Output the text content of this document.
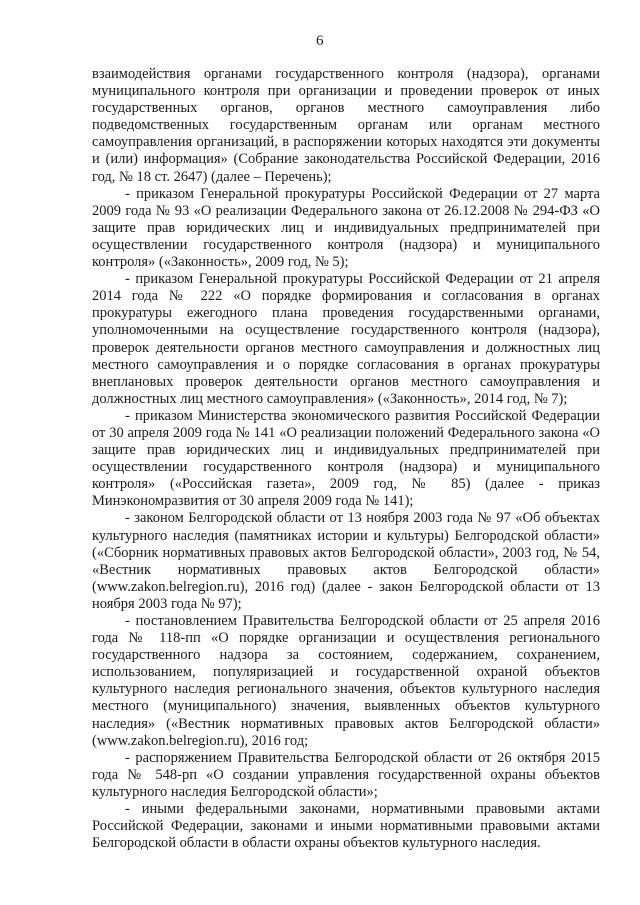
6

взаимодействия органами государственного контроля (надзора), органами муниципального контроля при организации и проведении проверок от иных государственных органов, органов местного самоуправления либо подведомственных государственным органам или органам местного самоуправления организаций, в распоряжении которых находятся эти документы и (или) информация» (Собрание законодательства Российской Федерации, 2016 год, № 18 ст. 2647) (далее – Перечень);

- приказом Генеральной прокуратуры Российской Федерации от 27 марта 2009 года № 93 «О реализации Федерального закона от 26.12.2008 № 294-ФЗ «О защите прав юридических лиц и индивидуальных предпринимателей при осуществлении государственного контроля (надзора) и муниципального контроля» («Законность», 2009 год, № 5);

- приказом Генеральной прокуратуры Российской Федерации от 21 апреля 2014 года № 222 «О порядке формирования и согласования в органах прокуратуры ежегодного плана проведения государственными органами, уполномоченными на осуществление государственного контроля (надзора), проверок деятельности органов местного самоуправления и должностных лиц местного самоуправления и о порядке согласования в органах прокуратуры внеплановых проверок деятельности органов местного самоуправления и должностных лиц местного самоуправления» («Законность», 2014 год, № 7);

- приказом Министерства экономического развития Российской Федерации от 30 апреля 2009 года № 141 «О реализации положений Федерального закона «О защите прав юридических лиц и индивидуальных предпринимателей при осуществлении государственного контроля (надзора) и муниципального контроля» («Российская газета», 2009 год, № 85) (далее - приказ Минэкономразвития от 30 апреля 2009 года № 141);

- законом Белгородской области от 13 ноября 2003 года № 97 «Об объектах культурного наследия (памятниках истории и культуры) Белгородской области» («Сборник нормативных правовых актов Белгородской области», 2003 год, № 54, «Вестник нормативных правовых актов Белгородской области» (www.zakon.belregion.ru), 2016 год) (далее - закон Белгородской области от 13 ноября 2003 года № 97);

- постановлением Правительства Белгородской области от 25 апреля 2016 года № 118-пп «О порядке организации и осуществления регионального государственного надзора за состоянием, содержанием, сохранением, использованием, популяризацией и государственной охраной объектов культурного наследия регионального значения, объектов культурного наследия местного (муниципального) значения, выявленных объектов культурного наследия» («Вестник нормативных правовых актов Белгородской области» (www.zakon.belregion.ru), 2016 год;

- распоряжением Правительства Белгородской области от 26 октября 2015 года № 548-рп «О создании управления государственной охраны объектов культурного наследия Белгородской области»;

- иными федеральными законами, нормативными правовыми актами Российской Федерации, законами и иными нормативными правовыми актами Белгородской области в области охраны объектов культурного наследия.
